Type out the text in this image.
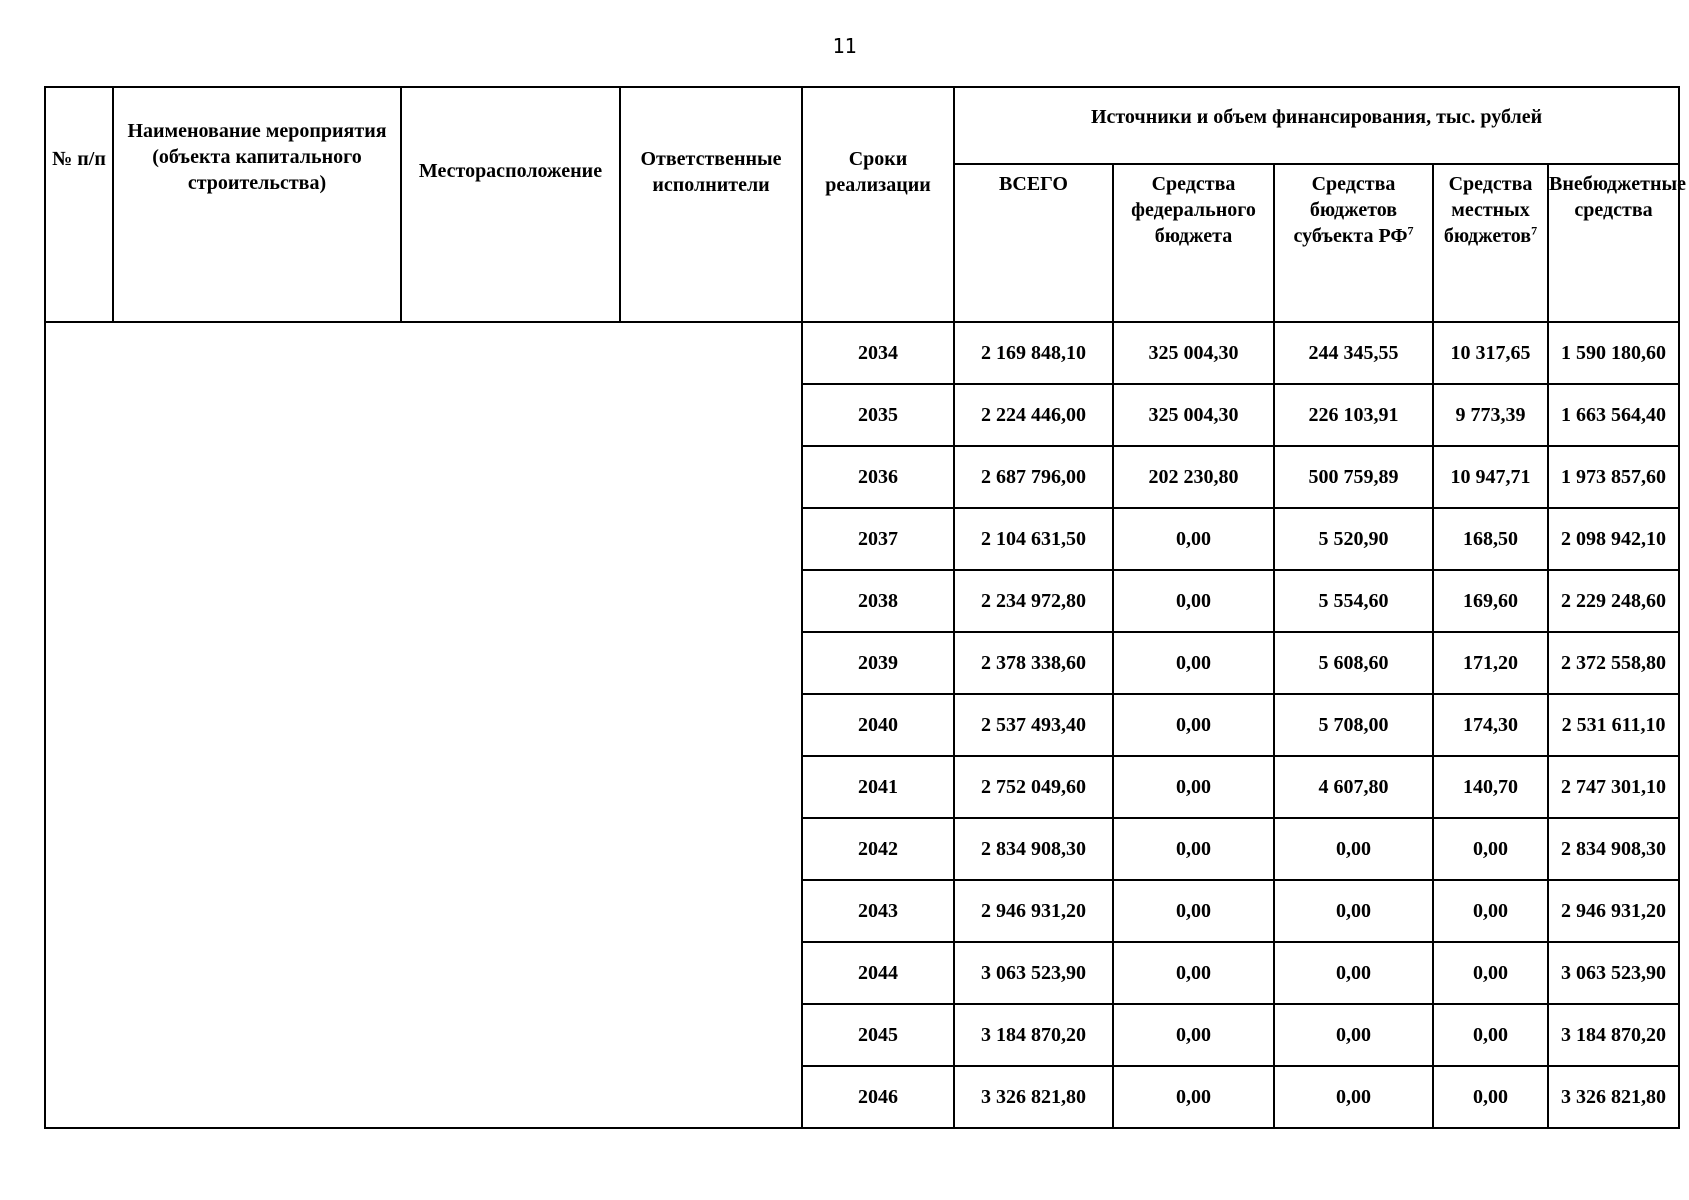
11
№ п/п	Наименование мероприятия (объекта капитального строительства)	Месторасположение	Ответственные исполнители	Сроки реализации	Источники и объем финансирования, тыс. рублей				
					ВСЕГО	Средства федерального бюджета	Средства бюджетов субъекта $РФ^7$	Средства местных бюджетов$^7$	Внебюджетные средства
				2034	2 169 848,10	325 004,30	244 345,55	10 317,65	1 590 180,60
				2035	2 224 446,00	325 004,30	226 103,91	9 773,39	1 663 564,40
				2036	2 687 796,00	202 230,80	500 759,89	10 947,71	1 973 857,60
				2037	2 104 631,50	0,00	5 520,90	168,50	2 098 942,10
				2038	2 234 972,80	0,00	5 554,60	169,60	2 229 248,60
				2039	2 378 338,60	0,00	5 608,60	171,20	2 372 558,80
				2040	2 537 493,40	0,00	5 708,00	174,30	2 531 611,10
				2041	2 752 049,60	0,00	4 607,80	140,70	2 747 301,10
				2042	2 834 908,30	0,00	0,00	0,00	2 834 908,30
				2043	2 946 931,20	0,00	0,00	0,00	2 946 931,20
				2044	3 063 523,90	0,00	0,00	0,00	3 063 523,90
				2045	3 184 870,20	0,00	0,00	0,00	3 184 870,20
				2046	3 326 821,80	0,00	0,00	0,00	3 326 821,80
